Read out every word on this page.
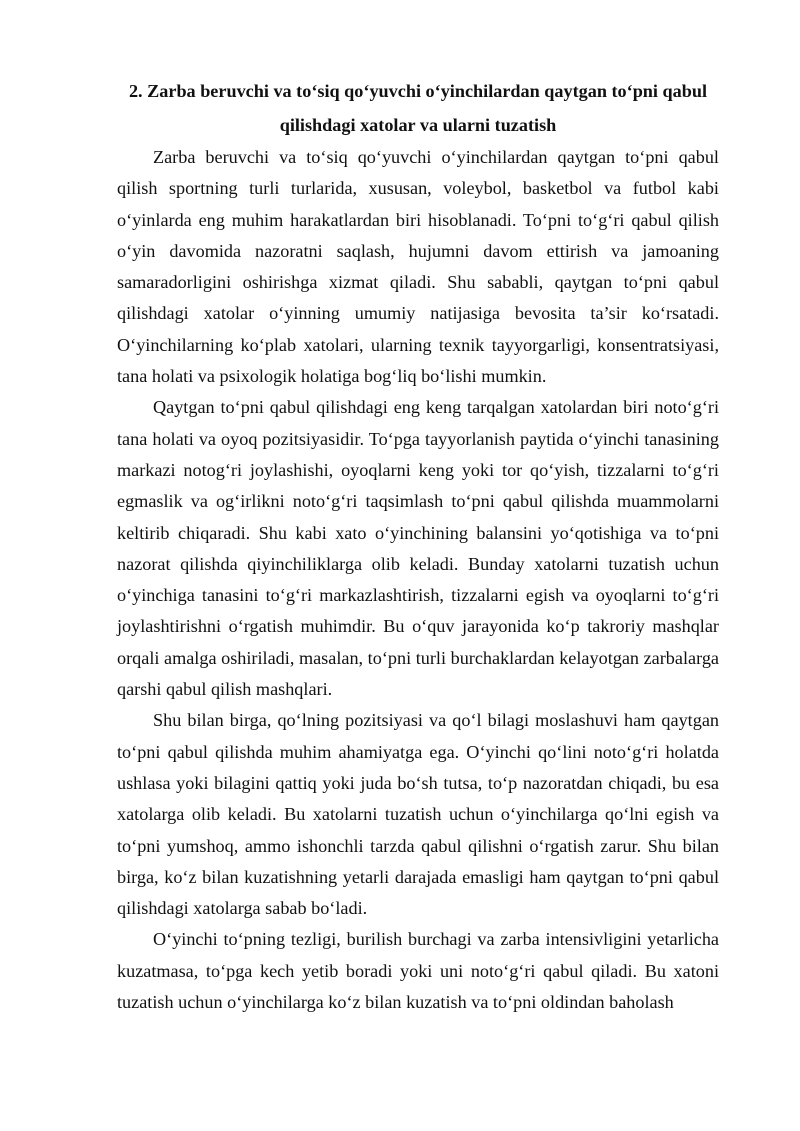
2. Zarba beruvchi va to‘siq qo‘yuvchi o‘yinchilardan qaytgan to‘pni qabul
qilishdagi xatolar va ularni tuzatish

Zarba beruvchi va to‘siq qo‘yuvchi o‘yinchilardan qaytgan to‘pni qabul qilish sportning turli turlarida, xususan, voleybol, basketbol va futbol kabi o‘yinlarda eng muhim harakatlardan biri hisoblanadi. To‘pni to‘g‘ri qabul qilish o‘yin davomida nazoratni saqlash, hujumni davom ettirish va jamoaning samaradorligini oshirishga xizmat qiladi. Shu sababli, qaytgan to‘pni qabul qilishdagi xatolar o‘yinning umumiy natijasiga bevosita ta’sir ko‘rsatadi. O‘yinchilarning ko‘plab xatolari, ularning texnik tayyorgarligi, konsentratsiyasi, tana holati va psixologik holatiga bog‘liq bo‘lishi mumkin.

Qaytgan to‘pni qabul qilishdagi eng keng tarqalgan xatolardan biri noto‘g‘ri tana holati va oyoq pozitsiyasidir. To‘pga tayyorlanish paytida o‘yinchi tanasining markazi notog‘ri joylashishi, oyoqlarni keng yoki tor qo‘yish, tizzalarni to‘g‘ri egmaslik va og‘irlikni noto‘g‘ri taqsimlash to‘pni qabul qilishda muammolarni keltirib chiqaradi. Shu kabi xato o‘yinchining balansini yo‘qotishiga va to‘pni nazorat qilishda qiyinchiliklarga olib keladi. Bunday xatolarni tuzatish uchun o‘yinchiga tanasini to‘g‘ri markazlashtirish, tizzalarni egish va oyoqlarni to‘g‘ri joylashtirishni o‘rgatish muhimdir. Bu o‘quv jarayonida ko‘p takroriy mashqlar orqali amalga oshiriladi, masalan, to‘pni turli burchaklardan kelayotgan zarbalarga qarshi qabul qilish mashqlari.

Shu bilan birga, qo‘lning pozitsiyasi va qo‘l bilagi moslashuvi ham qaytgan to‘pni qabul qilishda muhim ahamiyatga ega. O‘yinchi qo‘lini noto‘g‘ri holatda ushlasa yoki bilagini qattiq yoki juda bo‘sh tutsa, to‘p nazoratdan chiqadi, bu esa xatolarga olib keladi. Bu xatolarni tuzatish uchun o‘yinchilarga qo‘lni egish va to‘pni yumshoq, ammo ishonchli tarzda qabul qilishni o‘rgatish zarur. Shu bilan birga, ko‘z bilan kuzatishning yetarli darajada emasligi ham qaytgan to‘pni qabul qilishdagi xatolarga sabab bo‘ladi.

O‘yinchi to‘pning tezligi, burilish burchagi va zarba intensivligini yetarlicha kuzatmasa, to‘pga kech yetib boradi yoki uni noto‘g‘ri qabul qiladi. Bu xatoni tuzatish uchun o‘yinchilarga ko‘z bilan kuzatish va to‘pni oldindan baholash
